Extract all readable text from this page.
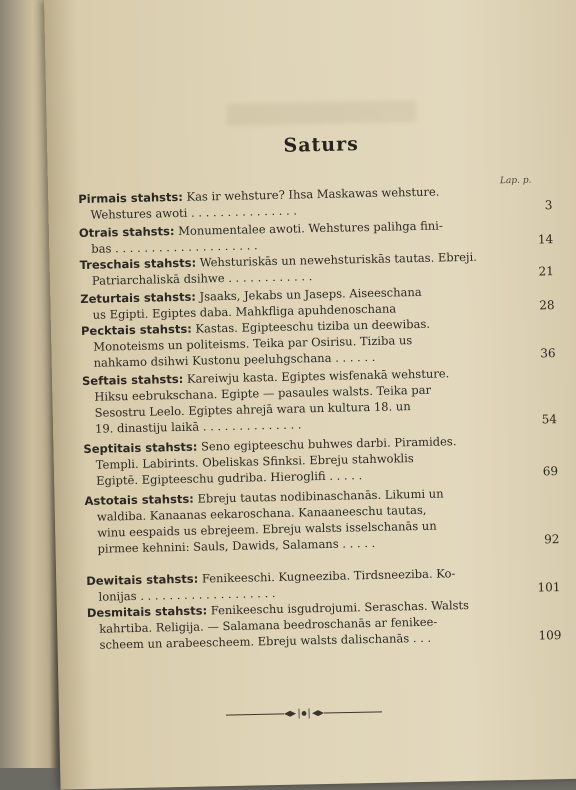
Saturs
Lap. p.
Pirmais stahsts: Kas ir wehsture? Ihsa Maskawas wehsture.
Wehstures awoti . . . . . . . . . . . . . . .	3
Otrais stahsts: Monumentalee awoti. Wehstures palihga fini-
bas . . . . . . . . . . . . . . . . . . . .	14
Treschais stahsts: Wehsturiskās un newehsturiskās tautas. Ebreji.
Patriarchaliskā dsihwe . . . . . . . . . . . .	21
Zeturtais stahsts: Jsaaks, Jekabs un Jaseps. Aiseeschana
us Egipti. Egiptes daba. Mahkfliga apuhdenoschana	28
Pecktais stahsts: Kastas. Egipteeschu tiziba un deewibas.
Monoteisms un politeisms. Teika par Osirisu. Tiziba us
nahkamo dsihwi Kustonu peeluhgschana . . . . . .	36
Seftais stahsts: Kareiwju kasta. Egiptes wisfenakā wehsture.
Hiksu eebrukschana. Egipte — pasaules walsts. Teika par
Sesostru Leelo. Egiptes ahrejā wara un kultura 18. un
19. dinastiju laikā . . . . . . . . . . . . . .	54
Septitais stahsts: Seno egipteeschu buhwes darbi. Piramides.
Templi. Labirints. Obeliskas Sfinksi. Ebreju stahwoklis
Egiptē. Egipteeschu gudriba. Hieroglifi . . . . .	69
Astotais stahsts: Ebreju tautas nodibinaschanās. Likumi un
waldiba. Kanaanas eekaroschana. Kanaaneeschu tautas,
winu eespaids us ebrejeem. Ebreju walsts isselschanās un
pirmee kehnini: Sauls, Dawids, Salamans . . . . .	92
Dewitais stahsts: Fenikeeschi. Kugneeziba. Tirdsneeziba. Ko-
lonijas . . . . . . . . . . . . . . . . . . .	101
Desmitais stahsts: Fenikeeschu isgudrojumi. Seraschas. Walsts
kahrtiba. Religija. — Salamana beedroschanās ar fenikee-
scheem un arabeescheem. Ebreju walsts dalischanās . . .	109
